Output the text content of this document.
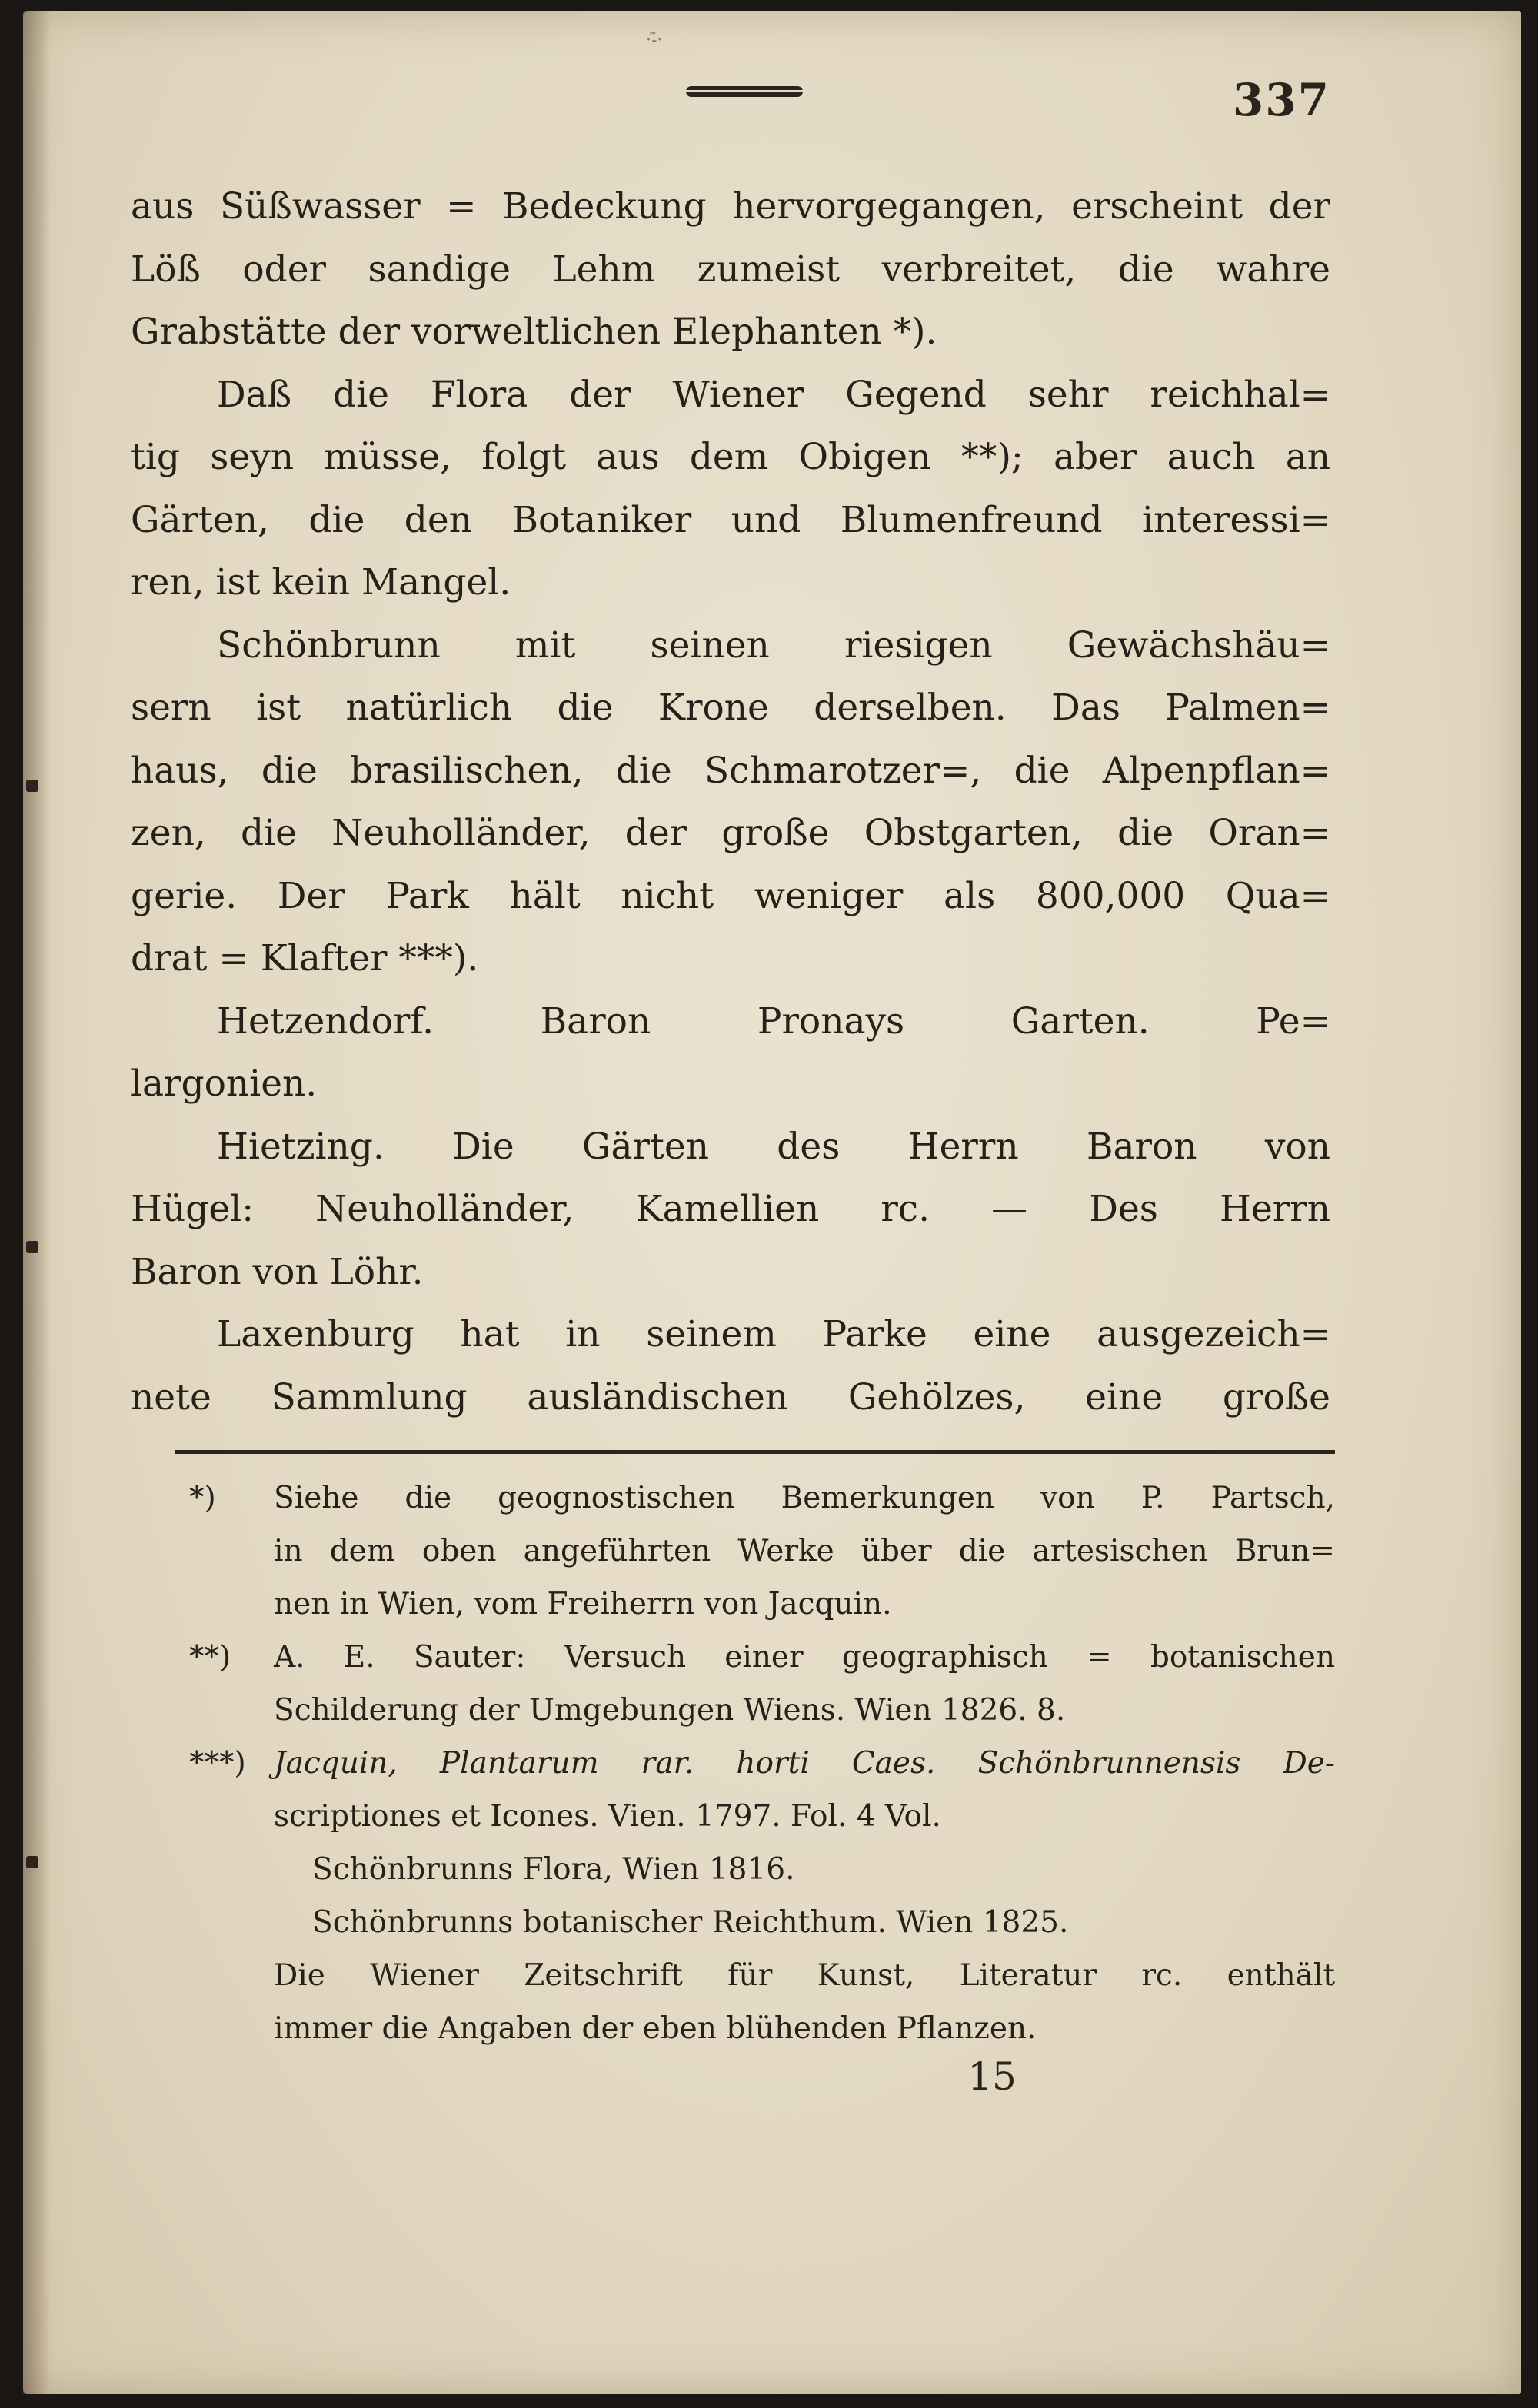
·-̃·
337
aus Süßwasser = Bedeckung hervorgegangen, erscheint der
Löß oder sandige Lehm zumeist verbreitet, die wahre
Grabstätte der vorweltlichen Elephanten *).
Daß die Flora der Wiener Gegend sehr reichhal=
tig seyn müsse, folgt aus dem Obigen **); aber auch an
Gärten, die den Botaniker und Blumenfreund interessi=
ren, ist kein Mangel.
Schönbrunn mit seinen riesigen Gewächshäu=
sern ist natürlich die Krone derselben. Das Palmen=
haus, die brasilischen, die Schmarotzer=, die Alpenpflan=
zen, die Neuholländer, der große Obstgarten, die Oran=
gerie. Der Park hält nicht weniger als 800,000 Qua=
drat = Klafter ***).
Hetzendorf. Baron Pronays Garten. Pe=
largonien.
Hietzing. Die Gärten des Herrn Baron von
Hügel: Neuholländer, Kamellien rc. — Des Herrn
Baron von Löhr.
Laxenburg hat in seinem Parke eine ausgezeich=
nete Sammlung ausländischen Gehölzes, eine große
*) Siehe die geognostischen Bemerkungen von P. Partsch,
in dem oben angeführten Werke über die artesischen Brun=
nen in Wien, vom Freiherrn von Jacquin.
**) A. E. Sauter: Versuch einer geographisch = botanischen
Schilderung der Umgebungen Wiens. Wien 1826. 8.
***) Jacquin, Plantarum rar. horti Caes. Schönbrunnensis De-
scriptiones et Icones. Vien. 1797. Fol. 4 Vol.
Schönbrunns Flora, Wien 1816.
Schönbrunns botanischer Reichthum. Wien 1825.
Die Wiener Zeitschrift für Kunst, Literatur rc. enthält
immer die Angaben der eben blühenden Pflanzen.
15
